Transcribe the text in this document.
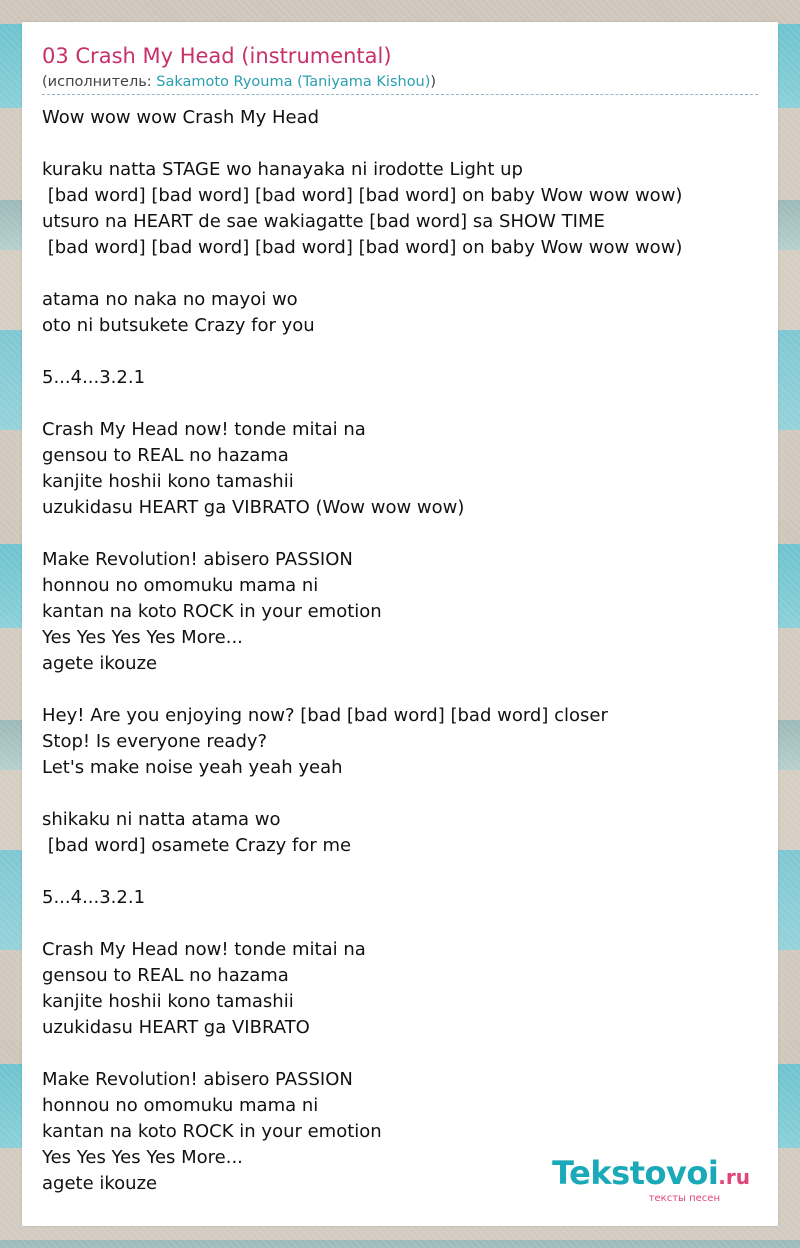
03 Crash My Head (instrumental)
(исполнитель: Sakamoto Ryouma (Taniyama Kishou))
Wow wow wow Crash My Head
kuraku natta STAGE wo hanayaka ni irodotte Light up
[bad word] [bad word] [bad word] [bad word] on baby Wow wow wow)
utsuro na HEART de sae wakiagatte [bad word] sa SHOW TIME
[bad word] [bad word] [bad word] [bad word] on baby Wow wow wow)
atama no naka no mayoi wo
oto ni butsukete Crazy for you
5...4...3.2.1
Crash My Head now! tonde mitai na
gensou to REAL no hazama
kanjite hoshii kono tamashii
uzukidasu HEART ga VIBRATO (Wow wow wow)
Make Revolution! abisero PASSION
honnou no omomuku mama ni
kantan na koto ROCK in your emotion
Yes Yes Yes Yes More...
agete ikouze
Hey! Are you enjoying now? [bad [bad word] [bad word] closer
Stop! Is everyone ready?
Let's make noise yeah yeah yeah
shikaku ni natta atama wo
[bad word] osamete Crazy for me
5...4...3.2.1
Crash My Head now! tonde mitai na
gensou to REAL no hazama
kanjite hoshii kono tamashii
uzukidasu HEART ga VIBRATO
Make Revolution! abisero PASSION
honnou no omomuku mama ni
kantan na koto ROCK in your emotion
Yes Yes Yes Yes More...
agete ikouze	Tekstovoi.ru
тексты песен
